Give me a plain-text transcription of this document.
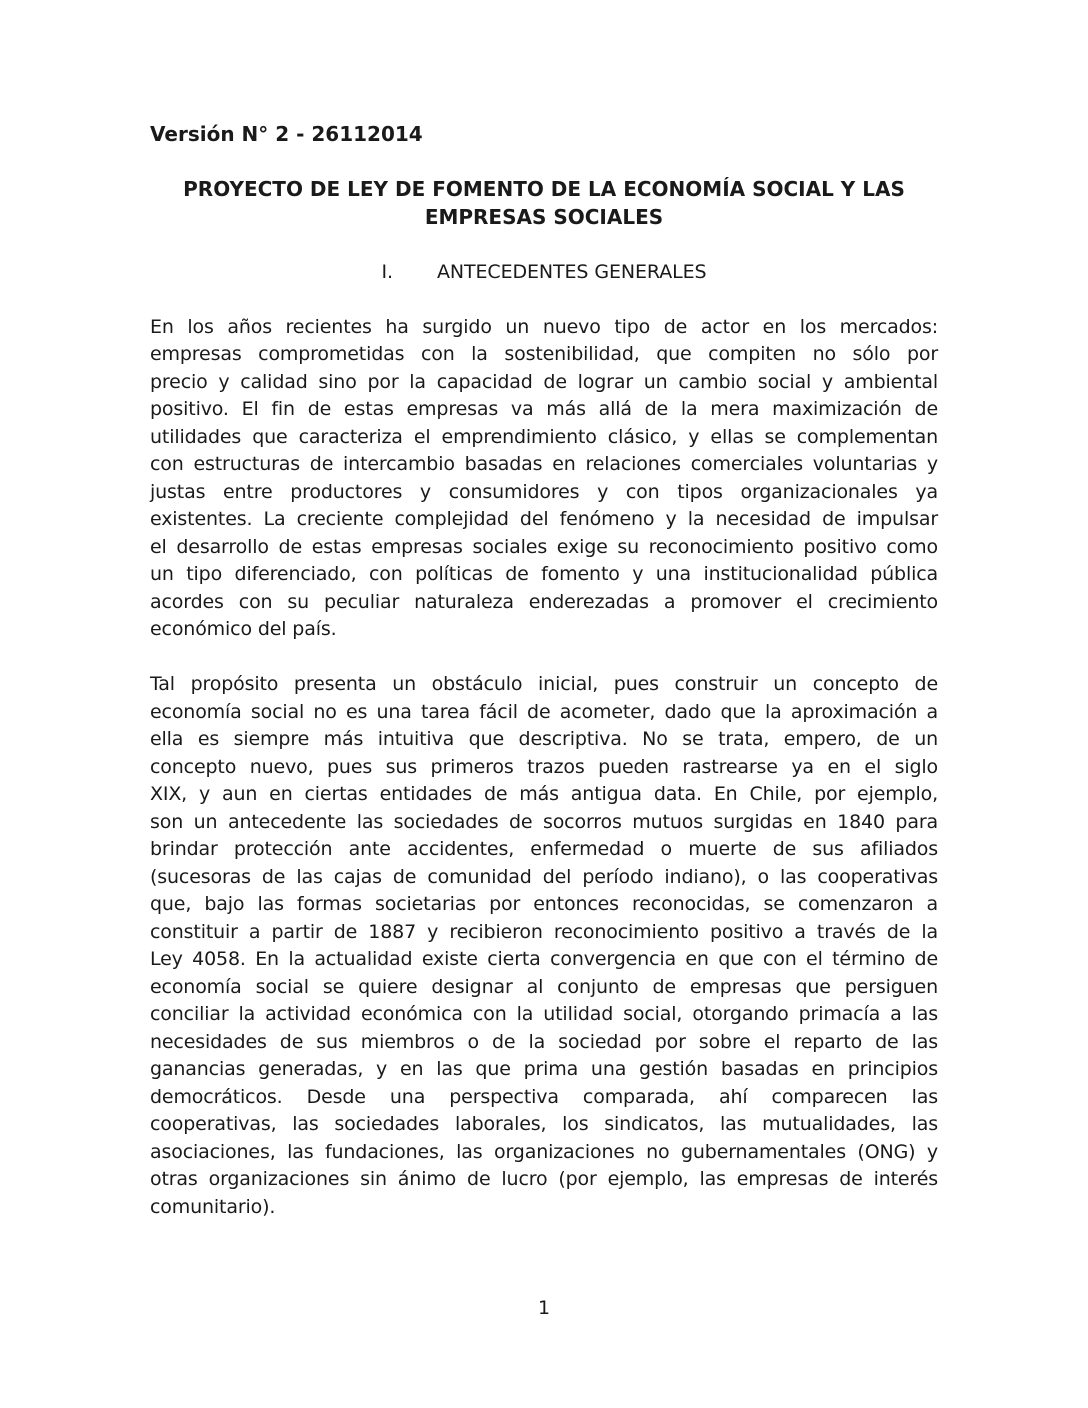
Versión N° 2 - 26112014
PROYECTO DE LEY DE FOMENTO DE LA ECONOMÍA SOCIAL Y LAS
EMPRESAS SOCIALES
I. ANTECEDENTES GENERALES
En los años recientes ha surgido un nuevo tipo de actor en los mercados:
empresas comprometidas con la sostenibilidad, que compiten no sólo por
precio y calidad sino por la capacidad de lograr un cambio social y ambiental
positivo. El fin de estas empresas va más allá de la mera maximización de
utilidades que caracteriza el emprendimiento clásico, y ellas se complementan
con estructuras de intercambio basadas en relaciones comerciales voluntarias y
justas entre productores y consumidores y con tipos organizacionales ya
existentes. La creciente complejidad del fenómeno y la necesidad de impulsar
el desarrollo de estas empresas sociales exige su reconocimiento positivo como
un tipo diferenciado, con políticas de fomento y una institucionalidad pública
acordes con su peculiar naturaleza enderezadas a promover el crecimiento
económico del país.
Tal propósito presenta un obstáculo inicial, pues construir un concepto de
economía social no es una tarea fácil de acometer, dado que la aproximación a
ella es siempre más intuitiva que descriptiva. No se trata, empero, de un
concepto nuevo, pues sus primeros trazos pueden rastrearse ya en el siglo
XIX, y aun en ciertas entidades de más antigua data. En Chile, por ejemplo,
son un antecedente las sociedades de socorros mutuos surgidas en 1840 para
brindar protección ante accidentes, enfermedad o muerte de sus afiliados
(sucesoras de las cajas de comunidad del período indiano), o las cooperativas
que, bajo las formas societarias por entonces reconocidas, se comenzaron a
constituir a partir de 1887 y recibieron reconocimiento positivo a través de la
Ley 4058. En la actualidad existe cierta convergencia en que con el término de
economía social se quiere designar al conjunto de empresas que persiguen
conciliar la actividad económica con la utilidad social, otorgando primacía a las
necesidades de sus miembros o de la sociedad por sobre el reparto de las
ganancias generadas, y en las que prima una gestión basadas en principios
democráticos. Desde una perspectiva comparada, ahí comparecen las
cooperativas, las sociedades laborales, los sindicatos, las mutualidades, las
asociaciones, las fundaciones, las organizaciones no gubernamentales (ONG) y
otras organizaciones sin ánimo de lucro (por ejemplo, las empresas de interés
comunitario).
1
